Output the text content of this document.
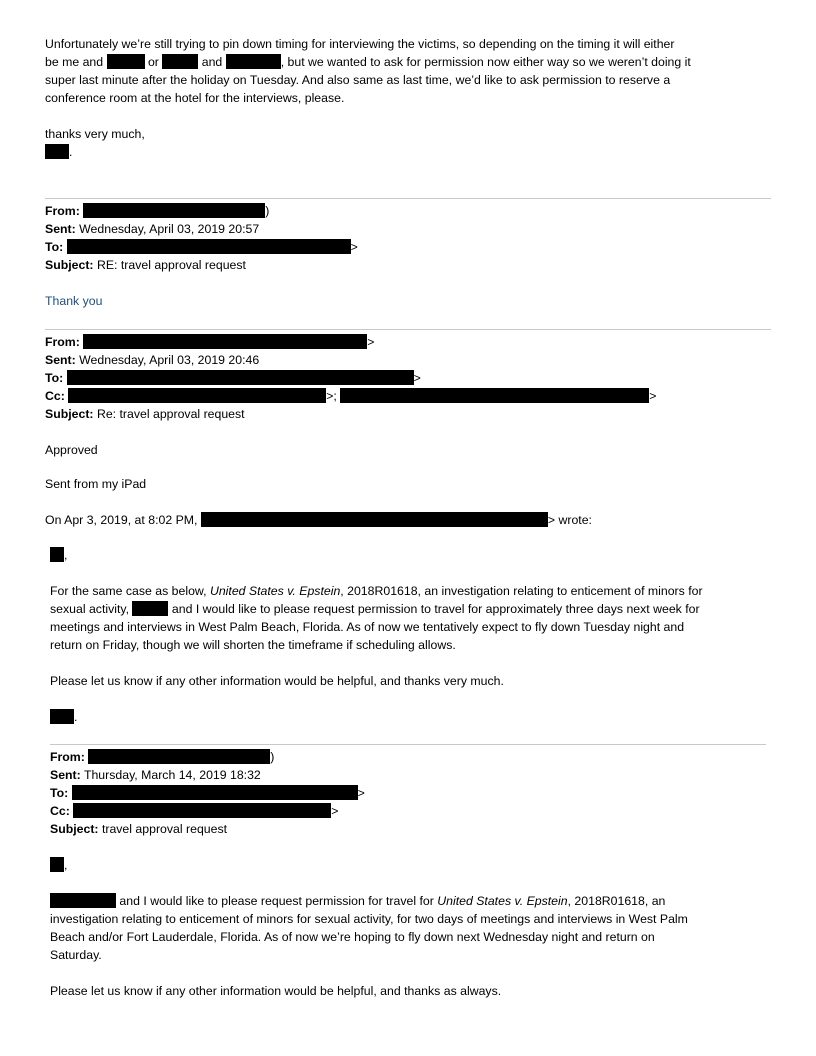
Unfortunately we’re still trying to pin down timing for interviewing the victims, so depending on the timing it will either
be me and	or	and	, but we wanted to ask for permission now either way so we weren’t doing it
super last minute after the holiday on Tuesday. And also same as last time, we’d like to ask permission to reserve a
conference room at the hotel for the interviews, please.
thanks very much,
.
From:	)
Sent: Wednesday, April 03, 2019 20:57
To:	>
Subject: RE: travel approval request
Thank you
From:	>
Sent: Wednesday, April 03, 2019 20:46
To:	>
Cc:	>;	>
Subject: Re: travel approval request
Approved
Sent from my iPad
On Apr 3, 2019, at 8:02 PM,	> wrote:
,
For the same case as below, United States v. Epstein, 2018R01618, an investigation relating to enticement of minors for
sexual activity,	and I would like to please request permission to travel for approximately three days next week for
meetings and interviews in West Palm Beach, Florida. As of now we tentatively expect to fly down Tuesday night and
return on Friday, though we will shorten the timeframe if scheduling allows.
Please let us know if any other information would be helpful, and thanks very much.
.
From:	)
Sent: Thursday, March 14, 2019 18:32
To:	>
Cc:	>
Subject: travel approval request
,
and I would like to please request permission for travel for United States v. Epstein, 2018R01618, an
investigation relating to enticement of minors for sexual activity, for two days of meetings and interviews in West Palm
Beach and/or Fort Lauderdale, Florida. As of now we’re hoping to fly down next Wednesday night and return on
Saturday.
Please let us know if any other information would be helpful, and thanks as always.
